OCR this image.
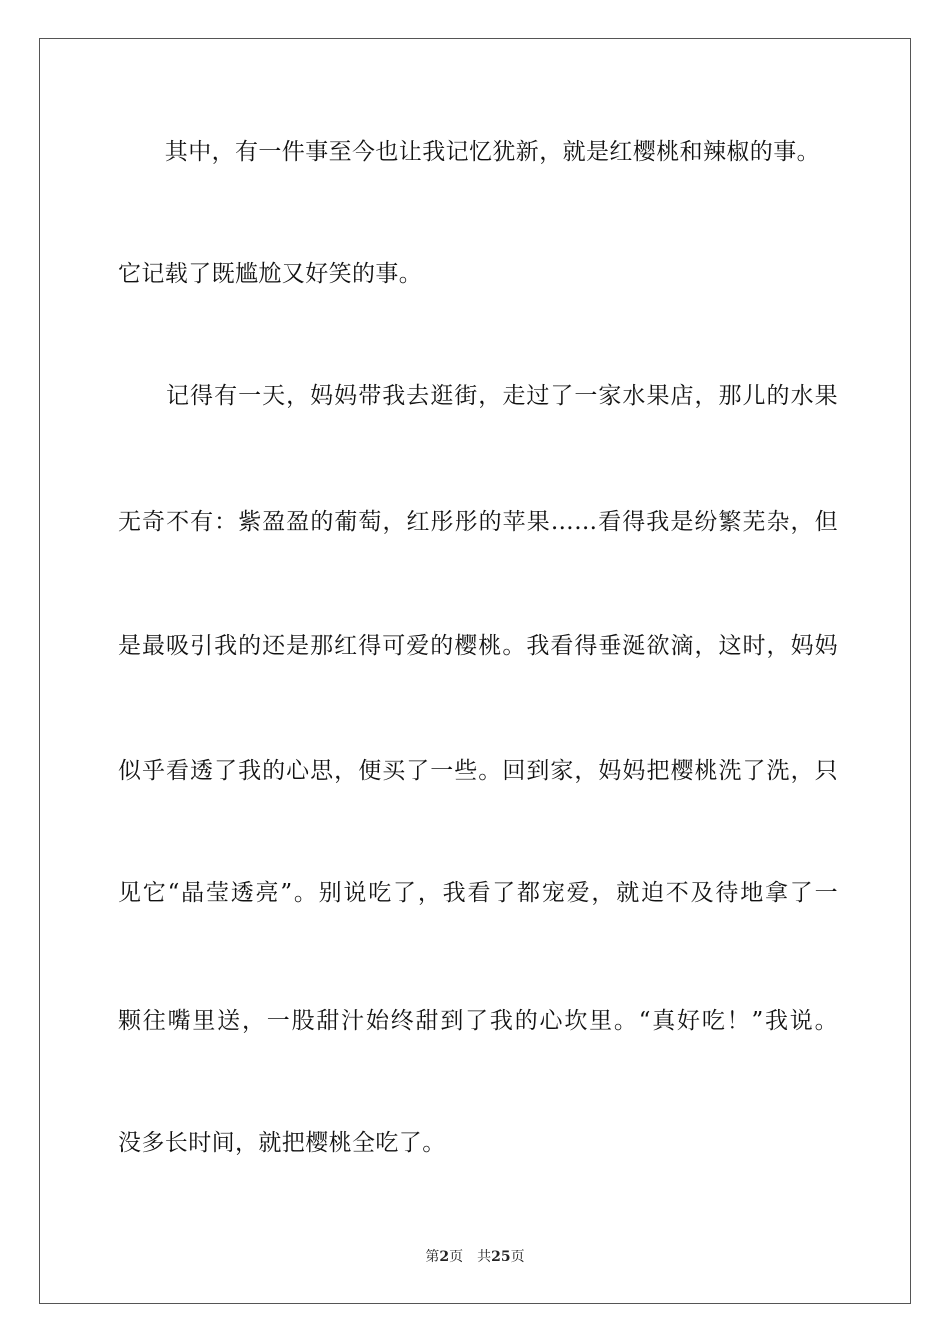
　　其中，有一件事至今也让我记忆犹新，就是红樱桃和辣椒的事。
它记载了既尴尬又好笑的事。
　　记得有一天，妈妈带我去逛街，走过了一家水果店，那儿的水果
无奇不有：紫盈盈的葡萄，红彤彤的苹果……看得我是纷繁芜杂，但
是最吸引我的还是那红得可爱的樱桃。我看得垂涎欲滴，这时，妈妈
似乎看透了我的心思，便买了一些。回到家，妈妈把樱桃洗了洗，只
见它“晶莹透亮”。别说吃了，我看了都宠爱，就迫不及待地拿了一
颗往嘴里送，一股甜汁始终甜到了我的心坎里。“真好吃！”我说。
没多长时间，就把樱桃全吃了。
第2页 共25页
